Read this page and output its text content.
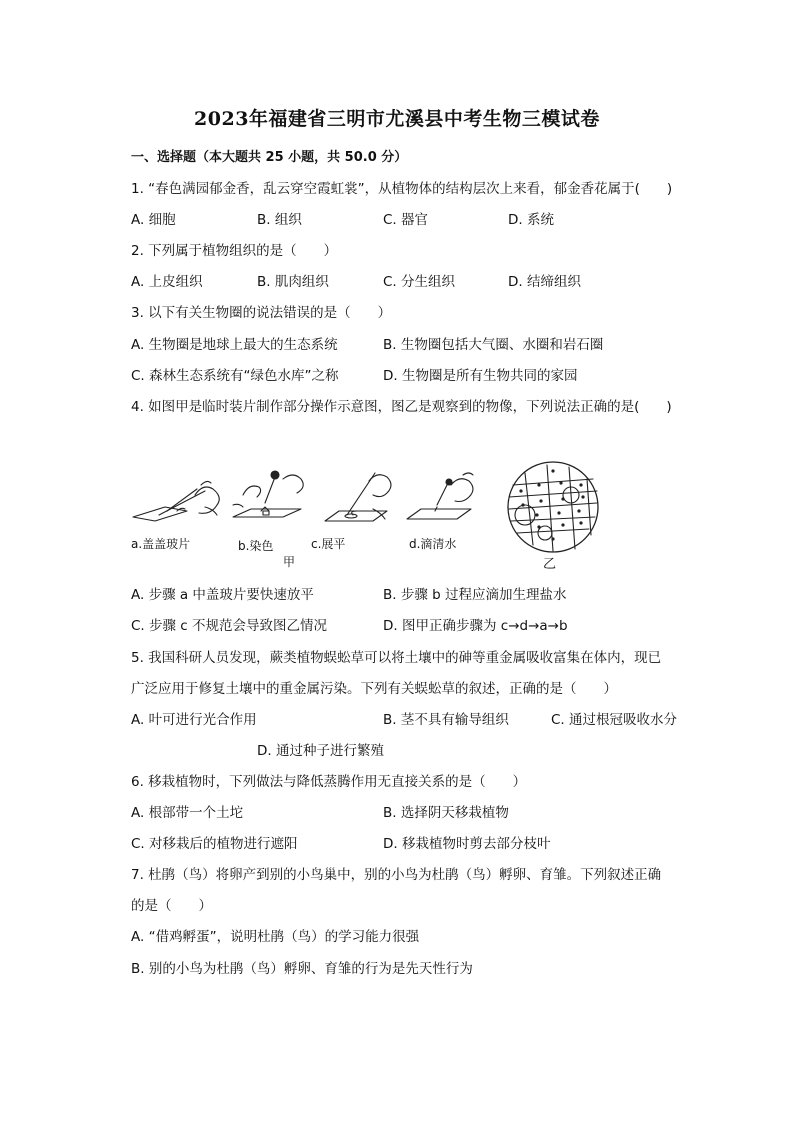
2023年福建省三明市尤溪县中考生物三模试卷
一、选择题（本大题共 25 小题，共 50.0 分）
1. “春色满园郁金香，乱云穿空霞虹裳”，从植物体的结构层次上来看，郁金香花属于(　　)
A. 细胞	B. 组织	C. 器官	D. 系统
2. 下列属于植物组织的是（　　）
A. 上皮组织	B. 肌肉组织	C. 分生组织	D. 结缔组织
3. 以下有关生物圈的说法错误的是（　　）
A. 生物圈是地球上最大的生态系统	B. 生物圈包括大气圈、水圈和岩石圈
C. 森林生态系统有“绿色水库”之称	D. 生物圈是所有生物共同的家园
4. 如图甲是临时装片制作部分操作示意图，图乙是观察到的物像，下列说法正确的是(　　)
a.盖盖玻片	b.染色	c.展平	d.滴清水
甲	乙
A. 步骤 a 中盖玻片要快速放平	B. 步骤 b 过程应滴加生理盐水
C. 步骤 c 不规范会导致图乙情况	D. 图甲正确步骤为 c→d→a→b
5. 我国科研人员发现，蕨类植物蜈蚣草可以将土壤中的砷等重金属吸收富集在体内，现已
广泛应用于修复土壤中的重金属污染。下列有关蜈蚣草的叙述，正确的是（　　）
A. 叶可进行光合作用	B. 茎不具有输导组织	C. 通过根冠吸收水分
D. 通过种子进行繁殖
6. 移栽植物时，下列做法与降低蒸腾作用无直接关系的是（　　）
A. 根部带一个土坨	B. 选择阴天移栽植物
C. 对移栽后的植物进行遮阳	D. 移栽植物时剪去部分枝叶
7. 杜鹃（鸟）将卵产到别的小鸟巢中，别的小鸟为杜鹃（鸟）孵卵、育雏。下列叙述正确
的是（　　）
A. “借鸡孵蛋”，说明杜鹃（鸟）的学习能力很强
B. 别的小鸟为杜鹃（鸟）孵卵、育雏的行为是先天性行为
